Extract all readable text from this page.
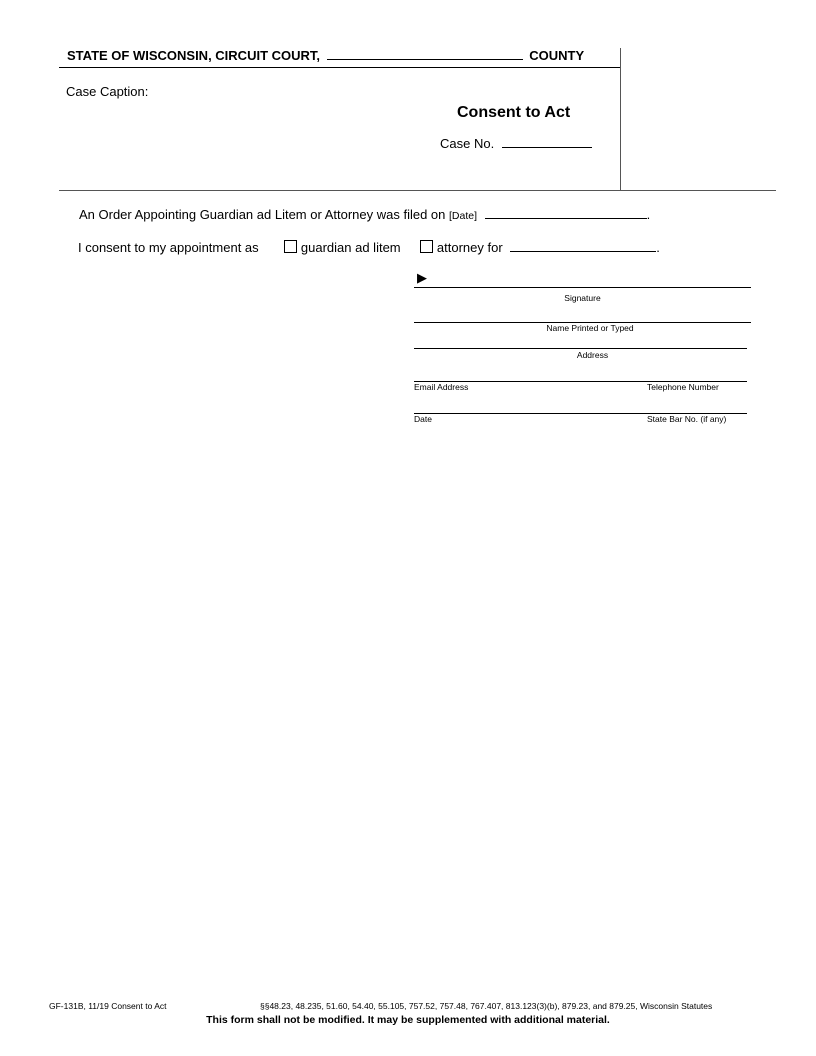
STATE OF WISCONSIN, CIRCUIT COURT,	COUNTY
Case Caption:
Consent to Act
Case No.
An Order Appointing Guardian ad Litem or Attorney was filed on [Date]	.
I consent to my appointment as	guardian ad litem	attorney for	.
▶
Signature
Name Printed or Typed
Address
Email Address	Telephone Number
Date	State Bar No. (if any)
GF-131B, 11/19 Consent to Act	§§48.23, 48.235, 51.60, 54.40, 55.105, 757.52, 757.48, 767.407, 813.123(3)(b), 879.23, and 879.25, Wisconsin Statutes
This form shall not be modified. It may be supplemented with additional material.
